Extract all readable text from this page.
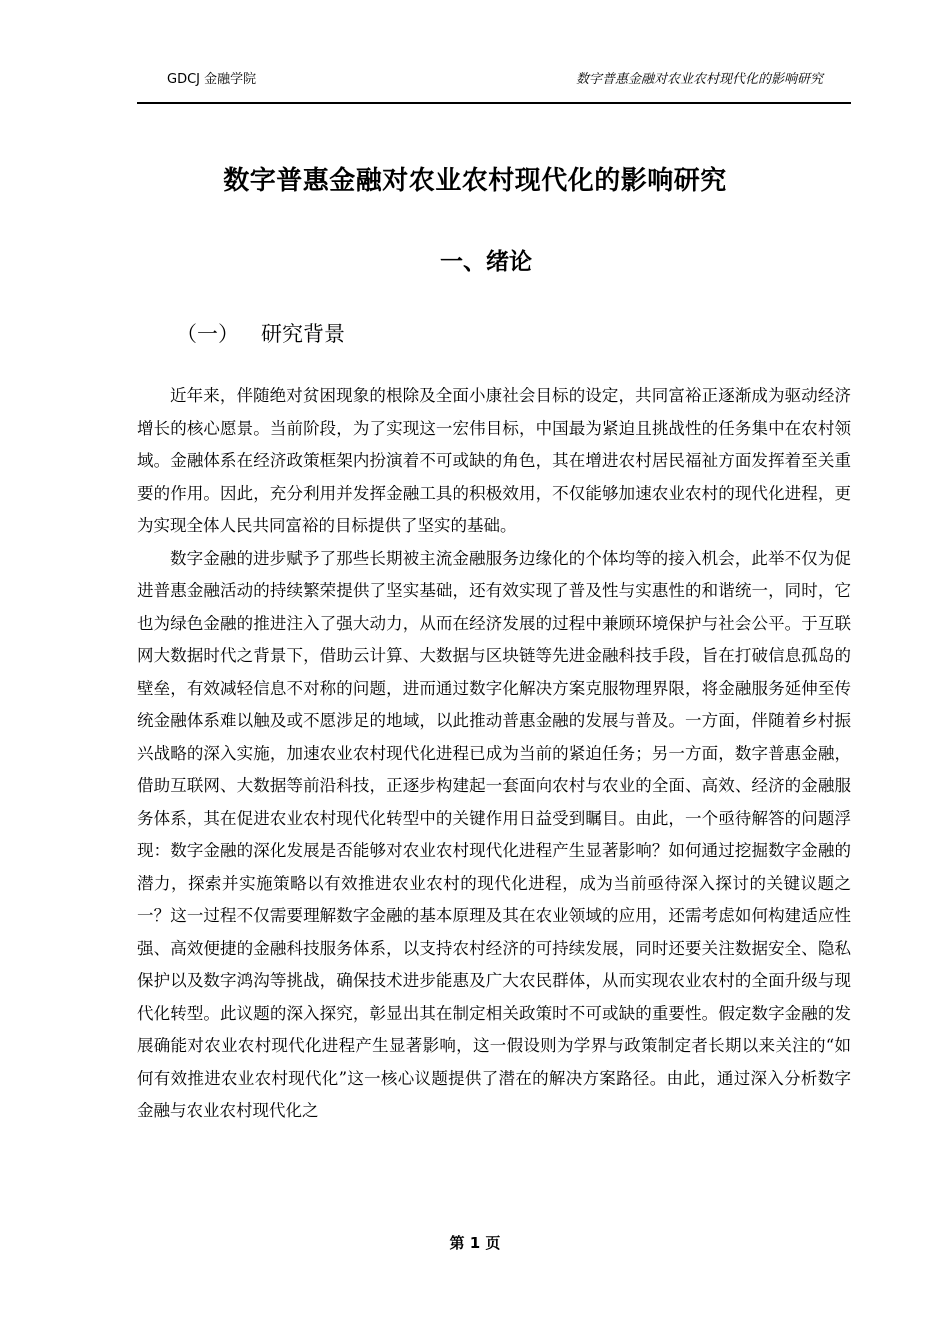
GDCJ 金融学院	数字普惠金融对农业农村现代化的影响研究
数字普惠金融对农业农村现代化的影响研究
一、绪论
（一） 研究背景

近年来，伴随绝对贫困现象的根除及全面小康社会目标的设定，共同富裕正逐渐成为驱动经济增长的核心愿景。当前阶段，为了实现这一宏伟目标，中国最为紧迫且挑战性的任务集中在农村领域。金融体系在经济政策框架内扮演着不可或缺的角色，其在增进农村居民福祉方面发挥着至关重要的作用。因此，充分利用并发挥金融工具的积极效用，不仅能够加速农业农村的现代化进程，更为实现全体人民共同富裕的目标提供了坚实的基础。

数字金融的进步赋予了那些长期被主流金融服务边缘化的个体均等的接入机会，此举不仅为促进普惠金融活动的持续繁荣提供了坚实基础，还有效实现了普及性与实惠性的和谐统一，同时，它也为绿色金融的推进注入了强大动力，从而在经济发展的过程中兼顾环境保护与社会公平。于互联网大数据时代之背景下，借助云计算、大数据与区块链等先进金融科技手段，旨在打破信息孤岛的壁垒，有效减轻信息不对称的问题，进而通过数字化解决方案克服物理界限，将金融服务延伸至传统金融体系难以触及或不愿涉足的地域，以此推动普惠金融的发展与普及。一方面，伴随着乡村振兴战略的深入实施，加速农业农村现代化进程已成为当前的紧迫任务；另一方面，数字普惠金融，借助互联网、大数据等前沿科技，正逐步构建起一套面向农村与农业的全面、高效、经济的金融服务体系，其在促进农业农村现代化转型中的关键作用日益受到瞩目。由此，一个亟待解答的问题浮现：数字金融的深化发展是否能够对农业农村现代化进程产生显著影响？如何通过挖掘数字金融的潜力，探索并实施策略以有效推进农业农村的现代化进程，成为当前亟待深入探讨的关键议题之一？这一过程不仅需要理解数字金融的基本原理及其在农业领域的应用，还需考虑如何构建适应性强、高效便捷的金融科技服务体系，以支持农村经济的可持续发展，同时还要关注数据安全、隐私保护以及数字鸿沟等挑战，确保技术进步能惠及广大农民群体，从而实现农业农村的全面升级与现代化转型。此议题的深入探究，彰显出其在制定相关政策时不可或缺的重要性。假定数字金融的发展确能对农业农村现代化进程产生显著影响，这一假设则为学界与政策制定者长期以来关注的“如何有效推进农业农村现代化”这一核心议题提供了潜在的解决方案路径。由此，通过深入分析数字金融与农业农村现代化之

第 1 页
